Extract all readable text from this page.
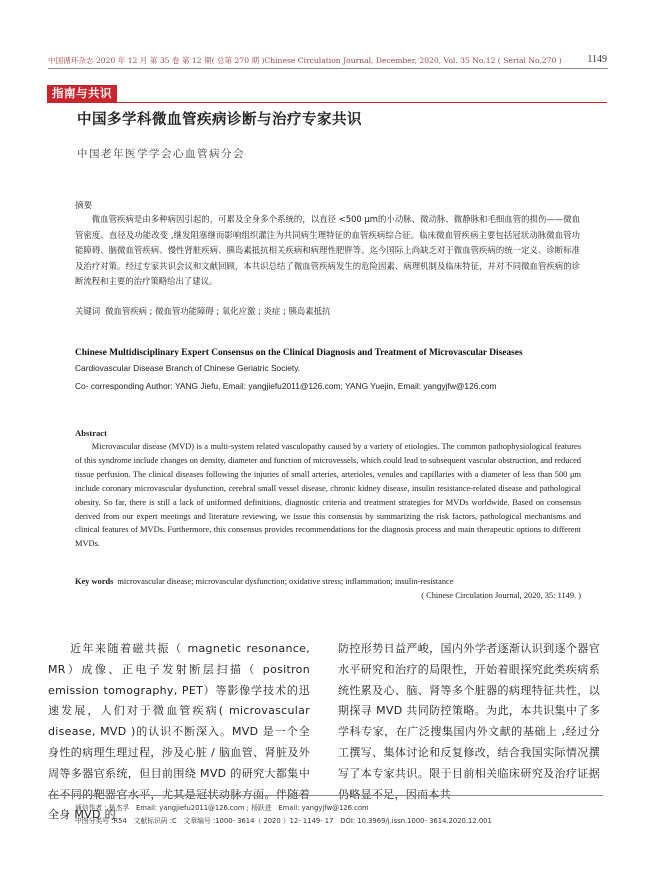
中国循环杂志 2020 年 12 月 第 35 卷 第 12 期( 总第 270 期 )Chinese Circulation Journal, December, 2020, Vol. 35 No.12 ( Serial No.270 )	1149
指南与共识
中国多学科微血管疾病诊断与治疗专家共识
中国老年医学学会心血管病分会
摘要
微血管疾病是由多种病因引起的，可累及全身多个系统的，以直径 <500 μm的小动脉、微动脉、微静脉和毛细血管的损伤——微血管密度、直径及功能改变 ,继发阻塞继而影响组织灌注为共同病生理特征的血管疾病综合征。临床微血管疾病主要包括冠状动脉微血管功能障碍、脑微血管疾病、慢性肾脏疾病、胰岛素抵抗相关疾病和病理性肥胖等。迄今国际上尚缺乏对于微血管疾病的统一定义、诊断标准及治疗对策。经过专家共识会议和文献回顾，本共识总结了微血管疾病发生的危险因素、病理机制及临床特征，并对不同微血管疾病的诊断流程和主要的治疗策略给出了建议。
关键词 微血管疾病 ; 微血管功能障碍 ; 氧化应激 ; 炎症 ; 胰岛素抵抗
Chinese Multidisciplinary Expert Consensus on the Clinical Diagnosis and Treatment of Microvascular Diseases
Cardiovascular Disease Branch of Chinese Geriatric Society.
Co- corresponding Author: YANG Jiefu, Email: yangjiefu2011@126.com; YANG Yuejin, Email: yangyjfw@126.com
Abstract
Microvascular disease (MVD) is a multi-system related vasculopathy caused by a variety of etiologies. The common pathophysiological features of this syndrome include changes on density, diameter and function of microvessels, which could lead to subsequent vascular obstruction, and reduced tissue perfusion. The clinical diseases following the injuries of small arteries, arterioles, venules and capillaries with a diameter of less than 500 μm include coronary microvascular dysfunction, cerebral small vessel disease, chronic kidney disease, insulin resistance-related disease and pathological obesity. So far, there is still a lack of uniformed definitions, diagnostic criteria and treatment strategies for MVDs worldwide. Based on consensus derived from our expert meetings and literature reviewing, we issue this consensus by summarizing the risk factors, pathological mechanisms and clinical features of MVDs. Furthermore, this consensus provides recommendations for the diagnosis process and main therapeutic options to different MVDs.
Key words microvascular disease; microvascular dysfunction; oxidative stress; inflammation; insulin-resistance
( Chinese Circulation Journal, 2020, 35: 1149. )
近年来随着磁共振（ magnetic resonance, MR）成像、正电子发射断层扫描（ positron emission tomography, PET）等影像学技术的迅速发展，人们对于微血管疾病( microvascular disease, MVD )的认识不断深入。MVD 是一个全身性的病理生理过程，涉及心脏 / 脑血管、肾脏及外周等多器官系统，但目前围绕 MVD 的研究大都集中在不同的靶器官水平，尤其是冠状动脉方面。伴随着全身 MVD 的
防控形势日益严峻，国内外学者逐渐认识到逐个器官水平研究和治疗的局限性，开始着眼探究此类疾病系统性累及心、脑、肾等多个脏器的病理特征共性，以期探寻 MVD 共同防控策略。为此，本共识集中了多学科专家，在广泛搜集国内外文献的基础上 ,经过分工撰写、集体讨论和反复修改，结合我国实际情况撰写了本专家共识。限于目前相关临床研究及治疗证据仍略显不足，因而本共
通信作者 : 杨杰孚　Email: yangjiefu2011@126.com ; 杨跃进　Email: yangyjfw@126.com
中图分类号 :R54　文献标识码 :C　文章编号 :1000- 3614（ 2020 ）12- 1149- 17　DOI: 10.3969/j.issn.1000- 3614.2020.12.001
